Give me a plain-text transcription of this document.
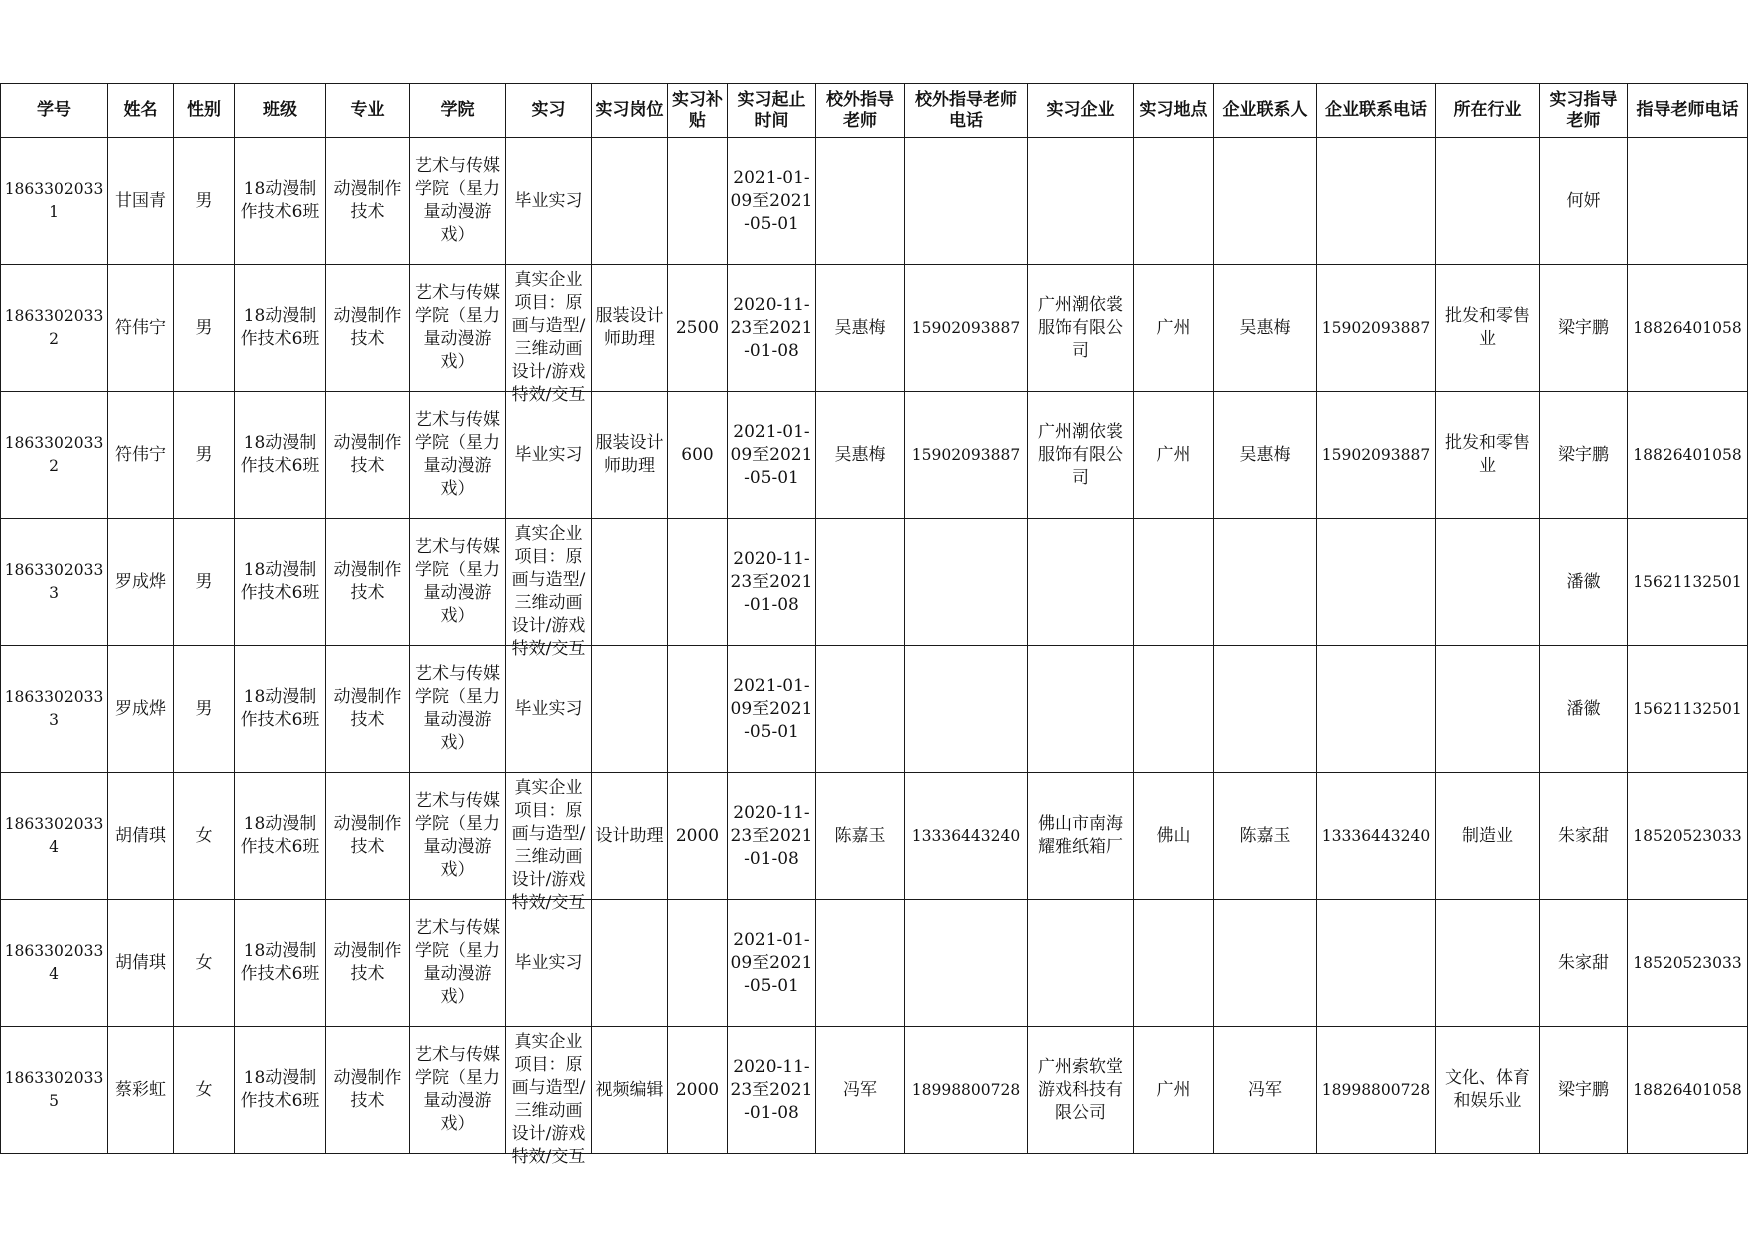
学号	姓名	性别	班级	专业	学院	实习	实习岗位	实习补贴	实习起止时间	校外指导老师	校外指导老师电话	实习企业	实习地点	企业联系人	企业联系电话	所在行业	实习指导老师	指导老师电话

18633020331	甘国青	男	18动漫制作技术6班	动漫制作技术	艺术与传媒学院（星力量动漫游戏）	毕业实习			2021-01-09至2021-05-01								何妍	

18633020332	符伟宁	男	18动漫制作技术6班	动漫制作技术	艺术与传媒学院（星力量动漫游戏）	真实企业项目：原画与造型/三维动画设计/游戏特效/交互	服装设计师助理	2500	2020-11-23至2021-01-08	吴惠梅	15902093887	广州潮依裳服饰有限公司	广州	吴惠梅	15902093887	批发和零售业	梁宇鹏	18826401058

18633020332	符伟宁	男	18动漫制作技术6班	动漫制作技术	艺术与传媒学院（星力量动漫游戏）	毕业实习	服装设计师助理	600	2021-01-09至2021-05-01	吴惠梅	15902093887	广州潮依裳服饰有限公司	广州	吴惠梅	15902093887	批发和零售业	梁宇鹏	18826401058

18633020333	罗成烨	男	18动漫制作技术6班	动漫制作技术	艺术与传媒学院（星力量动漫游戏）	真实企业项目：原画与造型/三维动画设计/游戏特效/交互			2020-11-23至2021-01-08								潘徽	15621132501

18633020333	罗成烨	男	18动漫制作技术6班	动漫制作技术	艺术与传媒学院（星力量动漫游戏）	毕业实习			2021-01-09至2021-05-01								潘徽	15621132501

18633020334	胡倩琪	女	18动漫制作技术6班	动漫制作技术	艺术与传媒学院（星力量动漫游戏）	真实企业项目：原画与造型/三维动画设计/游戏特效/交互	设计助理	2000	2020-11-23至2021-01-08	陈嘉玉	13336443240	佛山市南海耀雅纸箱厂	佛山	陈嘉玉	13336443240	制造业	朱家甜	18520523033

18633020334	胡倩琪	女	18动漫制作技术6班	动漫制作技术	艺术与传媒学院（星力量动漫游戏）	毕业实习			2021-01-09至2021-05-01								朱家甜	18520523033

18633020335	蔡彩虹	女	18动漫制作技术6班	动漫制作技术	艺术与传媒学院（星力量动漫游戏）	真实企业项目：原画与造型/三维动画设计/游戏特效/交互	视频编辑	2000	2020-11-23至2021-01-08	冯军	18998800728	广州索软堂游戏科技有限公司	广州	冯军	18998800728	文化、体育和娱乐业	梁宇鹏	18826401058
